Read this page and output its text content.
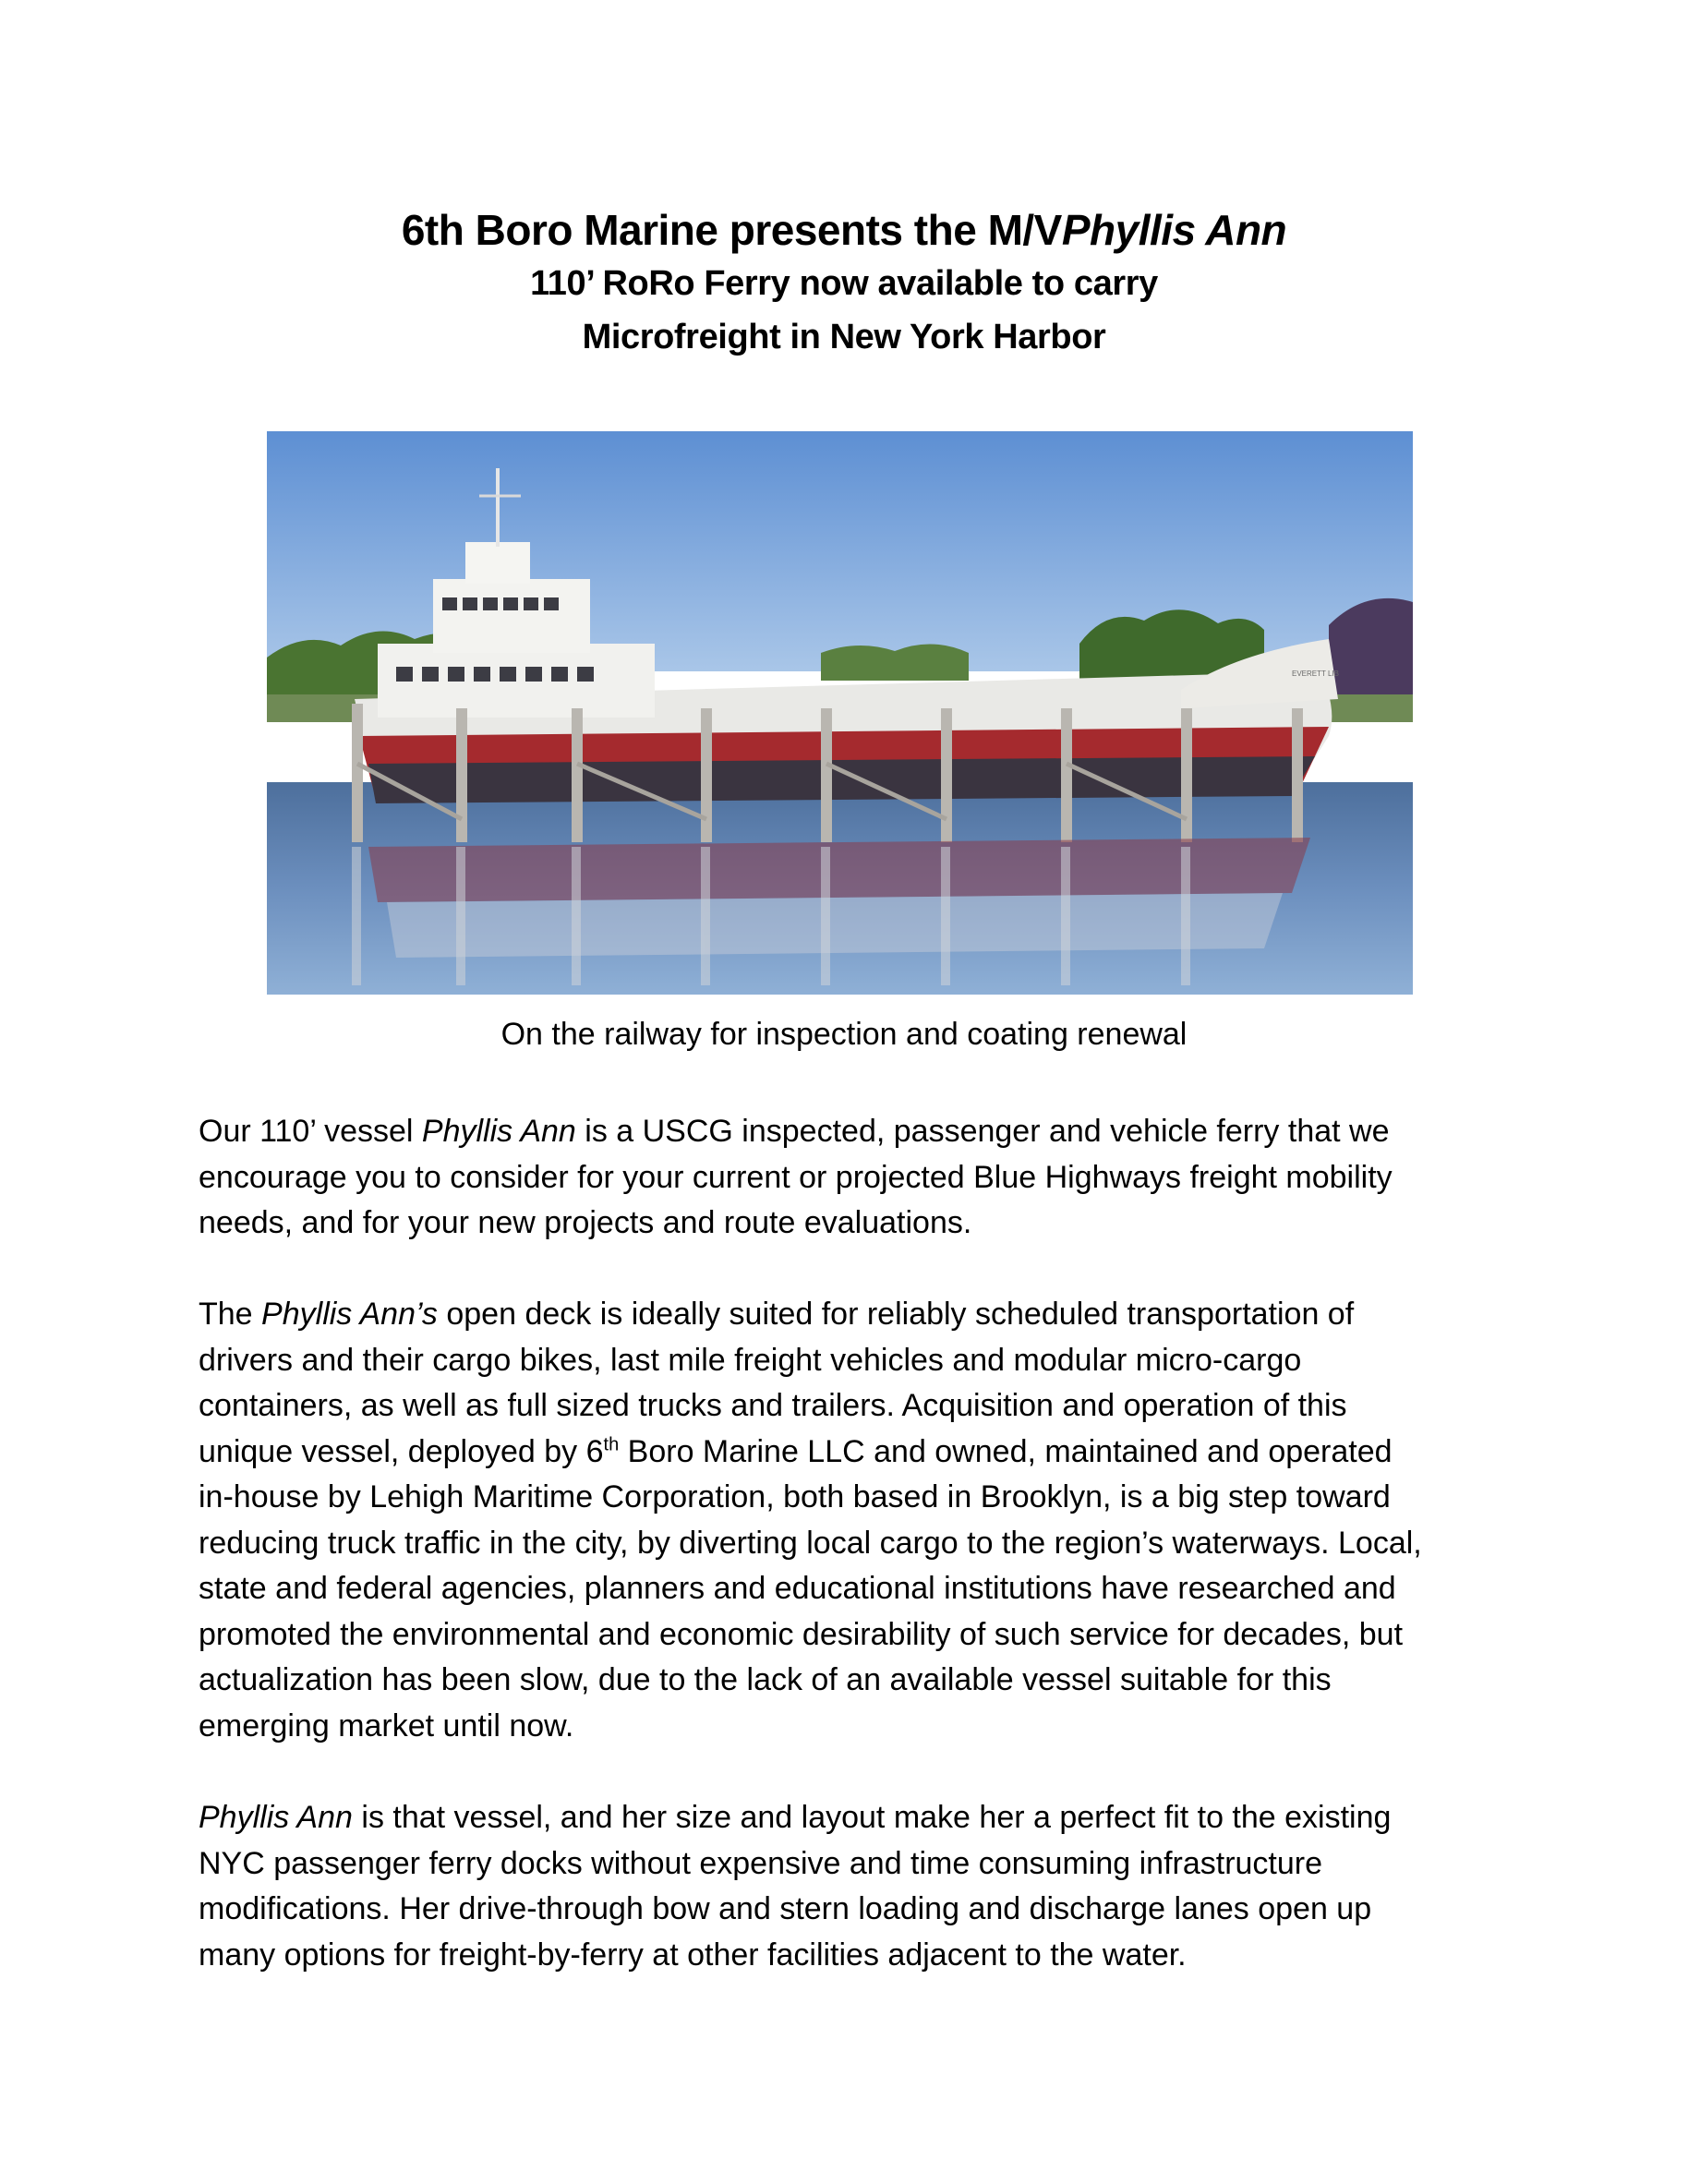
6th Boro Marine presents the M/VPhyllis Ann
110’ RoRo Ferry now available to carry
Microfreight in New York Harbor
EVERETT LIB
On the railway for inspection and coating renewal
Our 110’ vessel Phyllis Ann is a USCG inspected, passenger and vehicle ferry that we
encourage you to consider for your current or projected Blue Highways freight mobility
needs, and for your new projects and route evaluations.
The Phyllis Ann’s open deck is ideally suited for reliably scheduled transportation of
drivers and their cargo bikes, last mile freight vehicles and modular micro-cargo
containers, as well as full sized trucks and trailers. Acquisition and operation of this
unique vessel, deployed by 6th Boro Marine LLC and owned, maintained and operated
in-house by Lehigh Maritime Corporation, both based in Brooklyn, is a big step toward
reducing truck traffic in the city, by diverting local cargo to the region’s waterways. Local,
state and federal agencies, planners and educational institutions have researched and
promoted the environmental and economic desirability of such service for decades, but
actualization has been slow, due to the lack of an available vessel suitable for this
emerging market until now.
Phyllis Ann is that vessel, and her size and layout make her a perfect fit to the existing
NYC passenger ferry docks without expensive and time consuming infrastructure
modifications. Her drive-through bow and stern loading and discharge lanes open up
many options for freight-by-ferry at other facilities adjacent to the water.
